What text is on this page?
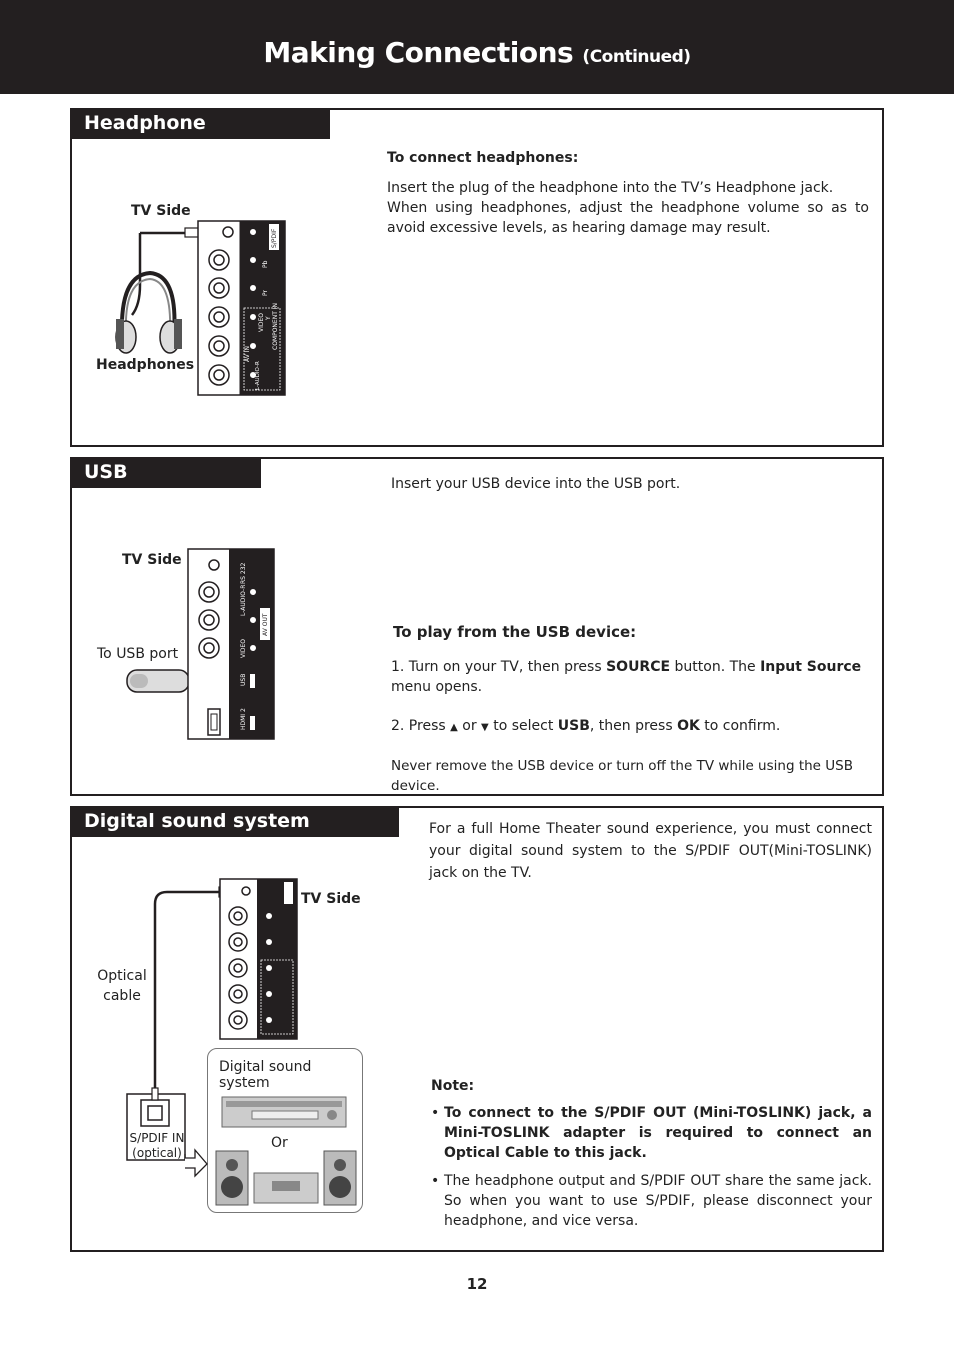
Making Connections (Continued)
Headphone connection	To connect headphones:
Insert the plug of the headphone into the TV’s Headphone jack.
When using headphones, adjust the headphone volume so as to avoid excessive levels, as hearing damage may result.
TV Side
Headphones
S/PDIF
Pb
Pr
COMPONENT IN
VIDEO Y
AV IN
L-AUDIO-R
USB connection
Insert your USB device into the USB port.
TV Side
To USB port
RS 232
L-AUDIO-R
AV OUT
VIDEO
USB
HDMI 2
To play from the USB device:
1. Turn on your TV, then press SOURCE button. The Input Source menu opens.
2. Press ▲ or ▼ to select USB, then press OK to confirm.
Never remove the USB device or turn off the TV while using the USB device.
Digital sound system connection
For a full Home Theater sound experience, you must connect your digital sound system to the S/PDIF OUT(Mini-TOSLINK) jack on the TV.
TV Side
Optical cable
Digital sound system
Or
S/PDIF IN
(optical)
Note:
• To connect to the S/PDIF OUT (Mini-TOSLINK) jack, a Mini-TOSLINK adapter is required to connect an Optical Cable to this jack.
• The headphone output and S/PDIF OUT share the same jack. So when you want to use S/PDIF, please disconnect your headphone, and vice versa.
12
